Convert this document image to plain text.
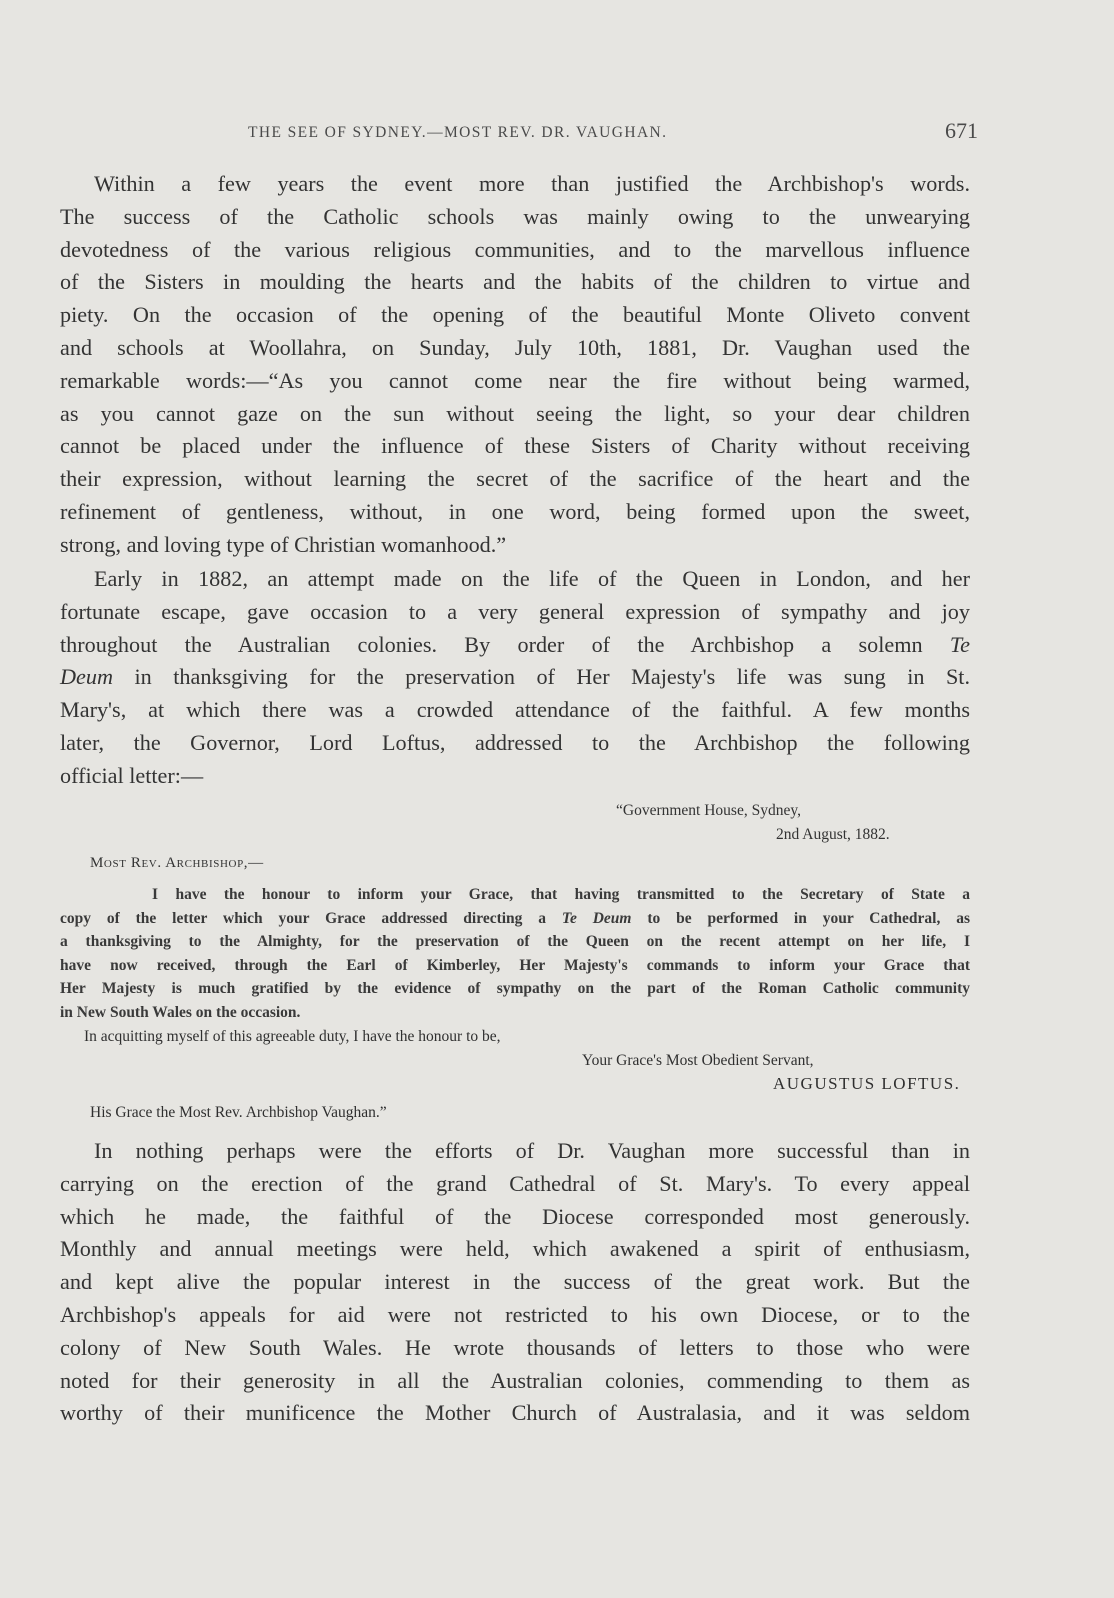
THE SEE OF SYDNEY.—MOST REV. DR. VAUGHAN.	671
Within a few years the event more than justified the Archbishop's words.
The success of the Catholic schools was mainly owing to the unwearying
devotedness of the various religious communities, and to the marvellous influence
of the Sisters in moulding the hearts and the habits of the children to virtue and
piety. On the occasion of the opening of the beautiful Monte Oliveto convent
and schools at Woollahra, on Sunday, July 10th, 1881, Dr. Vaughan used the
remarkable words:—“As you cannot come near the fire without being warmed,
as you cannot gaze on the sun without seeing the light, so your dear children
cannot be placed under the influence of these Sisters of Charity without receiving
their expression, without learning the secret of the sacrifice of the heart and the
refinement of gentleness, without, in one word, being formed upon the sweet,
strong, and loving type of Christian womanhood.”
Early in 1882, an attempt made on the life of the Queen in London, and her
fortunate escape, gave occasion to a very general expression of sympathy and joy
throughout the Australian colonies. By order of the Archbishop a solemn Te
Deum in thanksgiving for the preservation of Her Majesty's life was sung in St.
Mary's, at which there was a crowded attendance of the faithful. A few months
later, the Governor, Lord Loftus, addressed to the Archbishop the following
official letter:—
“Government House, Sydney,
2nd August, 1882.
Most Rev. Archbishop,—
I have the honour to inform your Grace, that having transmitted to the Secretary of State a
copy of the letter which your Grace addressed directing a Te Deum to be performed in your Cathedral, as
a thanksgiving to the Almighty, for the preservation of the Queen on the recent attempt on her life, I
have now received, through the Earl of Kimberley, Her Majesty's commands to inform your Grace that
Her Majesty is much gratified by the evidence of sympathy on the part of the Roman Catholic community
in New South Wales on the occasion.
In acquitting myself of this agreeable duty, I have the honour to be,
Your Grace's Most Obedient Servant,
AUGUSTUS LOFTUS.
His Grace the Most Rev. Archbishop Vaughan.”
In nothing perhaps were the efforts of Dr. Vaughan more successful than in
carrying on the erection of the grand Cathedral of St. Mary's. To every appeal
which he made, the faithful of the Diocese corresponded most generously.
Monthly and annual meetings were held, which awakened a spirit of enthusiasm,
and kept alive the popular interest in the success of the great work. But the
Archbishop's appeals for aid were not restricted to his own Diocese, or to the
colony of New South Wales. He wrote thousands of letters to those who were
noted for their generosity in all the Australian colonies, commending to them as
worthy of their munificence the Mother Church of Australasia, and it was seldom
